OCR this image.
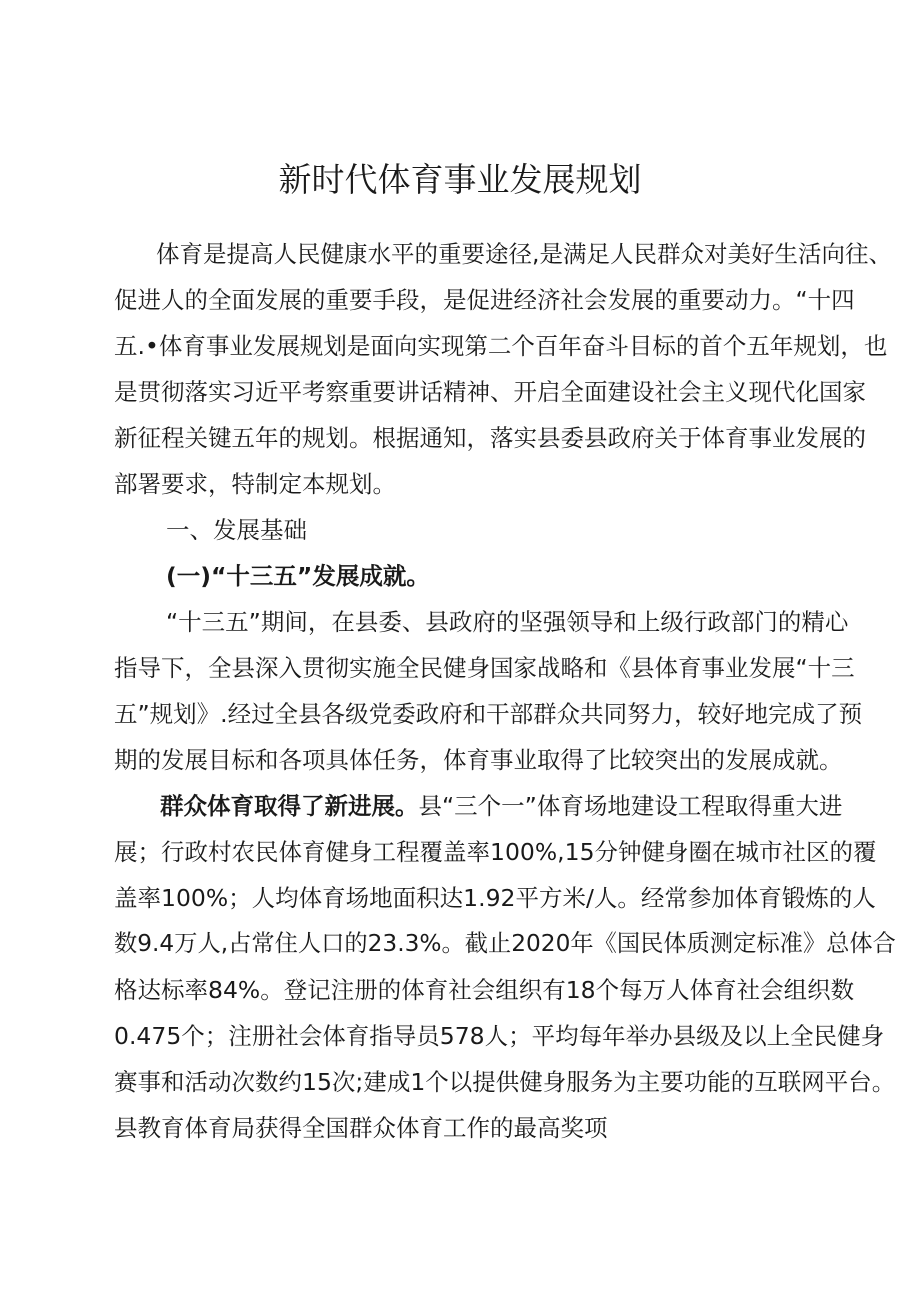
新时代体育事业发展规划

体育是提高人民健康水平的重要途径,是满足人民群众对美好生活向往、

促进人的全面发展的重要手段，是促进经济社会发展的重要动力。“十四

五.•体育事业发展规划是面向实现第二个百年奋斗目标的首个五年规划，也

是贯彻落实习近平考察重要讲话精神、开启全面建设社会主义现代化国家

新征程关键五年的规划。根据通知，落实县委县政府关于体育事业发展的

部署要求，特制定本规划。

一、发展基础

(一)“十三五”发展成就。

“十三五”期间，在县委、县政府的坚强领导和上级行政部门的精心

指导下，全县深入贯彻实施全民健身国家战略和《县体育事业发展“十三

五”规划》.经过全县各级党委政府和干部群众共同努力，较好地完成了预

期的发展目标和各项具体任务，体育事业取得了比较突出的发展成就。

群众体育取得了新进展。县“三个一”体育场地建设工程取得重大进

展；行政村农民体育健身工程覆盖率100%,15分钟健身圈在城市社区的覆

盖率100%；人均体育场地面积达1.92平方米/人。经常参加体育锻炼的人

数9.4万人,占常住人口的23.3%。截止2020年《国民体质测定标准》总体合

格达标率84%。登记注册的体育社会组织有18个每万人体育社会组织数

0.475个；注册社会体育指导员578人；平均每年举办县级及以上全民健身

赛事和活动次数约15次;建成1个以提供健身服务为主要功能的互联网平台。

县教育体育局获得全国群众体育工作的最高奖项
